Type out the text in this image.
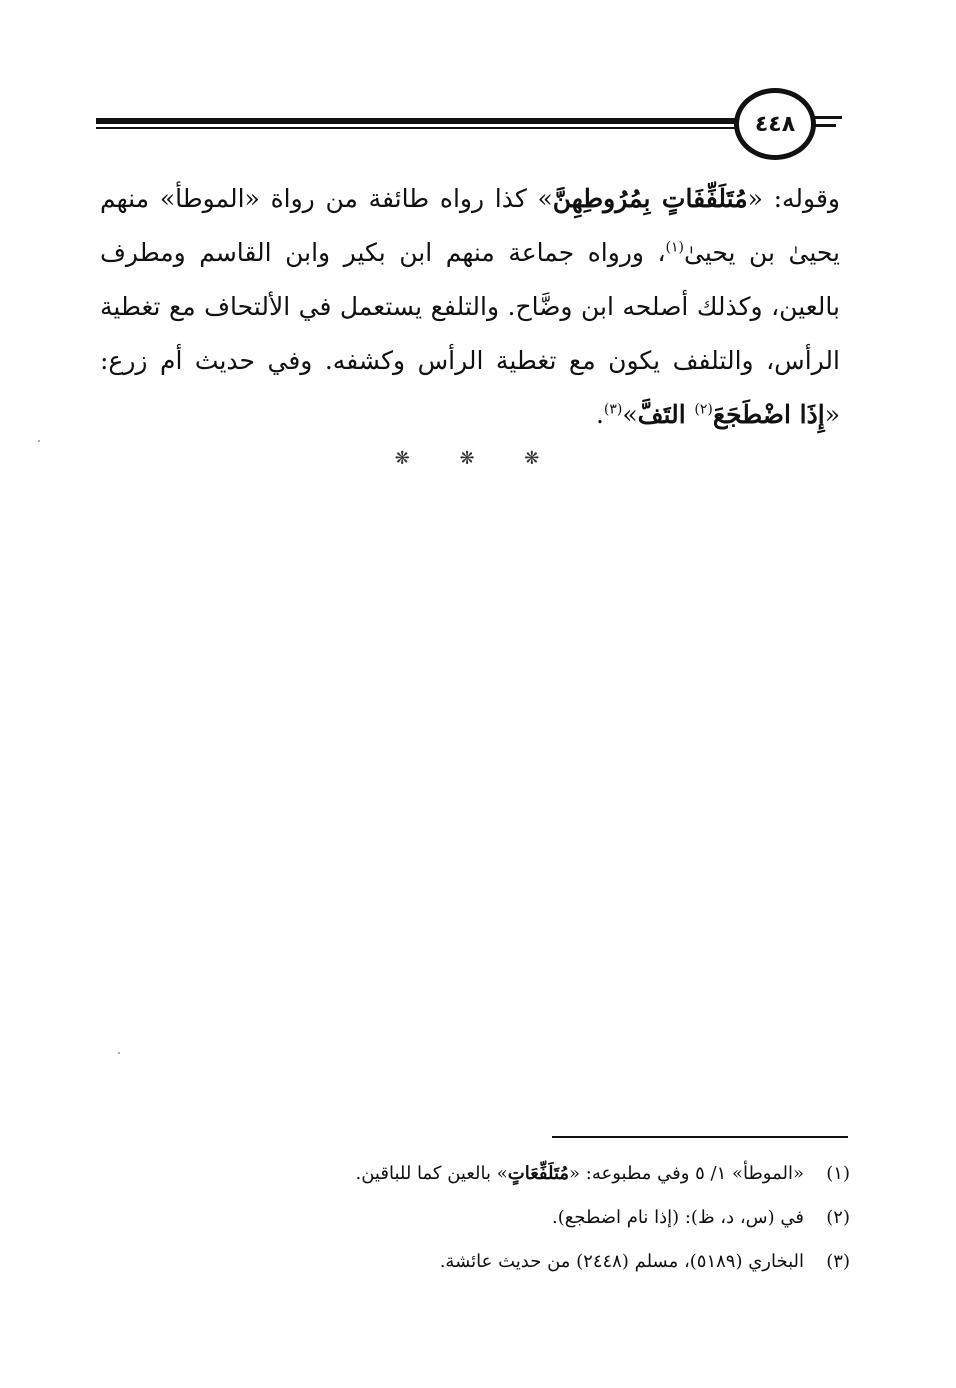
٤٤٨

وقوله: «مُتَلَفِّفَاتٍ بِمُرُوطِهِنَّ» كذا رواه طائفة من رواة «الموطأ» منهم يحيىٰ بن يحيىٰ$^{(١)}$، ورواه جماعة منهم ابن بكير وابن القاسم ومطرف بالعين، وكذلك أصلحه ابن وضَّاح. والتلفع يستعمل في الألتحاف مع تغطية الرأس، والتلفف يكون مع تغطية الرأس وكشفه. وفي حديث أم زرع: «إِذَا اضْطَجَعَ$^{(٢)}$ التَفَّ»$^{(٣)}$.

❋ ❋ ❋
(١)«الموطأ» ١/ ٥ وفي مطبوعه: «مُتَلَفِّعَاتٍ» بالعين كما للباقين.
(٢)في (س، د، ظ): (إذا نام اضطجع).
(٣)البخاري (٥١٨٩)، مسلم (٢٤٤٨) من حديث عائشة.
